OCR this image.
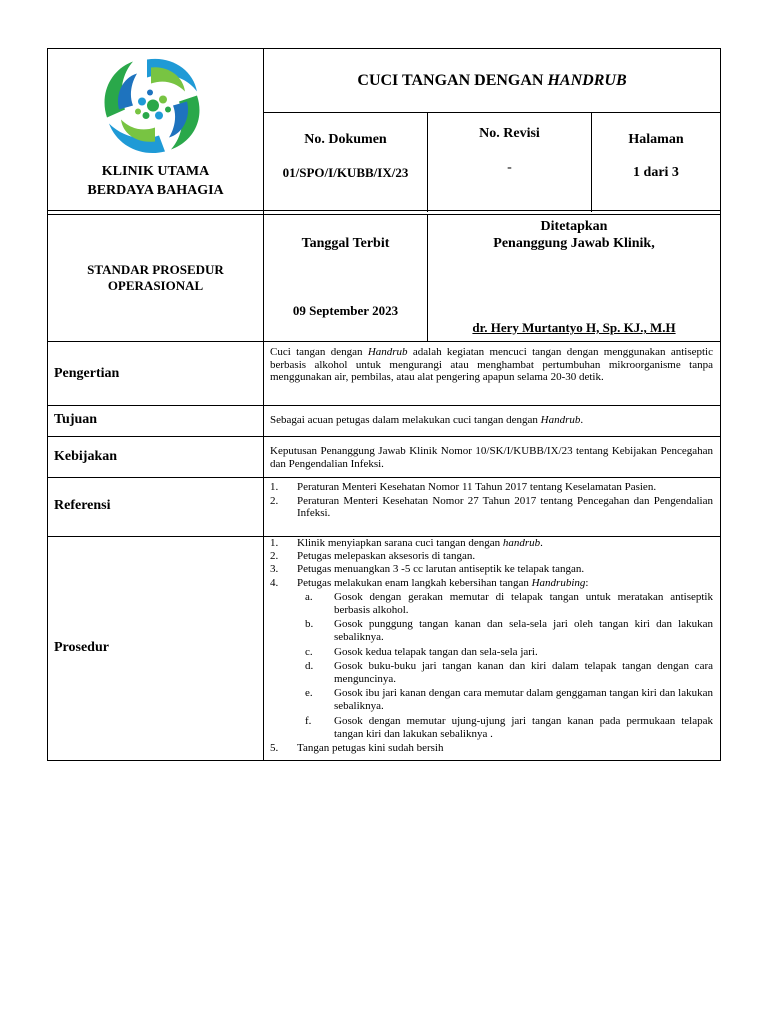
KLINIK UTAMA
BERDAYA BAHAGIA
CUCI TANGAN DENGAN HANDRUB
No. Dokumen
01/SPO/I/KUBB/IX/23
No. Revisi
-
Halaman
1 dari 3
STANDAR PROSEDUR
OPERASIONAL
Tanggal Terbit
09 September 2023
Ditetapkan
Penanggung Jawab Klinik,
dr. Hery Murtantyo H, Sp. KJ., M.H
Pengertian
Tujuan
Kebijakan
Referensi
Prosedur
Cuci tangan dengan Handrub adalah kegiatan mencuci tangan dengan menggunakan antiseptic berbasis alkohol untuk mengurangi atau menghambat pertumbuhan mikroorganisme tanpa menggunakan air, pembilas, atau alat pengering apapun selama 20-30 detik.
Sebagai acuan petugas dalam melakukan cuci tangan dengan Handrub.
Keputusan Penanggung Jawab Klinik Nomor 10/SK/I/KUBB/IX/23 tentang Kebijakan Pencegahan dan Pengendalian Infeksi.
1. Peraturan Menteri Kesehatan Nomor 11 Tahun 2017 tentang Keselamatan Pasien.
2. Peraturan Menteri Kesehatan Nomor 27 Tahun 2017 tentang Pencegahan dan Pengendalian Infeksi.
1. Klinik menyiapkan sarana cuci tangan dengan handrub.
2. Petugas melepaskan aksesoris di tangan.
3. Petugas menuangkan 3 -5 cc larutan antiseptik ke telapak tangan.
4. Petugas melakukan enam langkah kebersihan tangan Handrubing:
a. Gosok dengan gerakan memutar di telapak tangan untuk meratakan antiseptik berbasis alkohol.
b. Gosok punggung tangan kanan dan sela-sela jari oleh tangan kiri dan lakukan sebaliknya.
c. Gosok kedua telapak tangan dan sela-sela jari.
d. Gosok buku-buku jari tangan kanan dan kiri dalam telapak tangan dengan cara menguncinya.
e. Gosok ibu jari kanan dengan cara memutar dalam genggaman tangan kiri dan lakukan sebaliknya.
f. Gosok dengan memutar ujung-ujung jari tangan kanan pada permukaan telapak tangan kiri dan lakukan sebaliknya .
5. Tangan petugas kini sudah bersih
